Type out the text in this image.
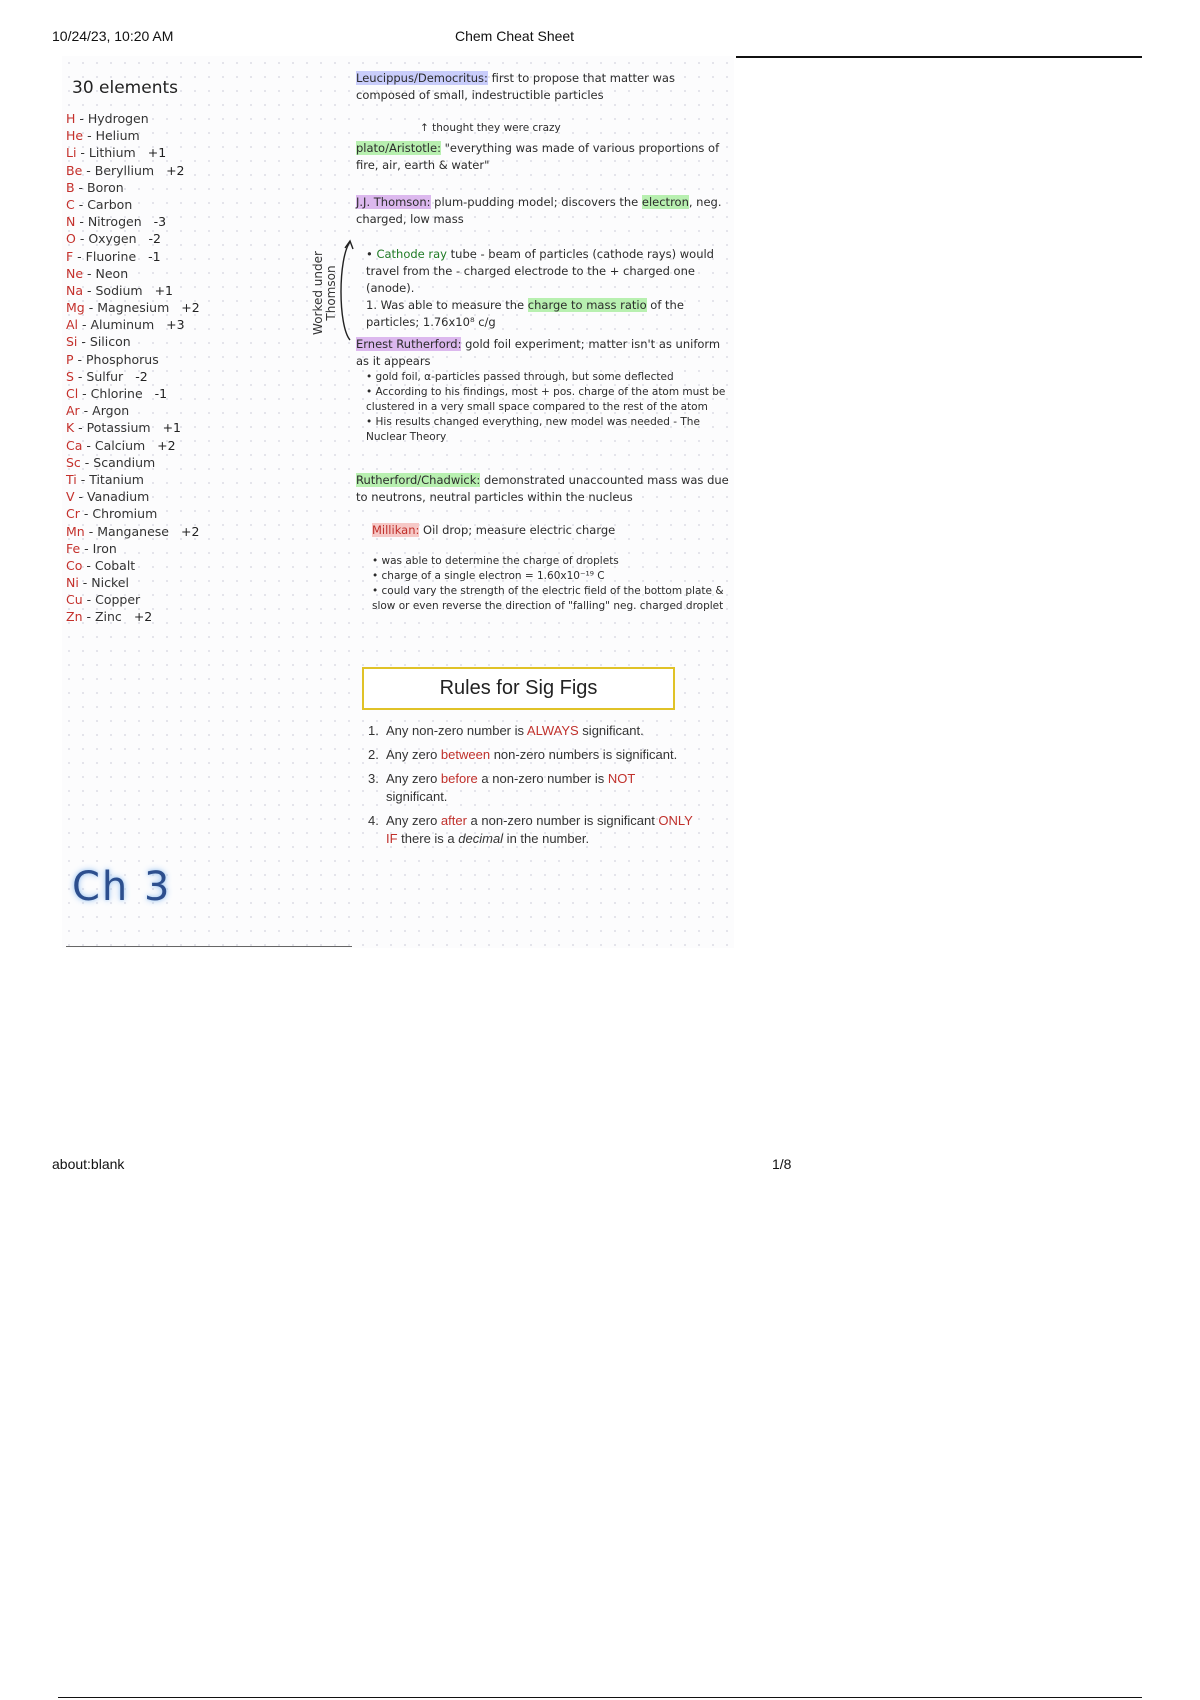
10/24/23, 10:20 AM	Chem Cheat Sheet
30 elements
H - Hydrogen
He - Helium
Li - Lithium +1
Be - Beryllium +2
B - Boron
C - Carbon
N - Nitrogen -3
O - Oxygen -2
F - Fluorine -1
Ne - Neon
Na - Sodium +1
Mg - Magnesium +2
Al - Aluminum +3
Si - Silicon
P - Phosphorus
S - Sulfur -2
Cl - Chlorine -1
Ar - Argon
K - Potassium +1
Ca - Calcium +2
Sc - Scandium
Ti - Titanium
V - Vanadium
Cr - Chromium
Mn - Manganese +2
Fe - Iron
Co - Cobalt
Ni - Nickel
Cu - Copper
Zn - Zinc +2
Ch 3
Worked under Thomson
Leucippus/Democritus: first to propose that matter was composed of small, indestructible particles
↑ thought they were crazy
plato/Aristotle: "everything was made of various proportions of fire, air, earth & water"
J.J. Thomson: plum-pudding model; discovers the electron, neg. charged, low mass
• Cathode ray tube - beam of particles (cathode rays) would travel from the - charged electrode to the + charged one (anode).
1. Was able to measure the charge to mass ratio of the particles; 1.76x10⁸ c/g
Ernest Rutherford: gold foil experiment; matter isn't as uniform as it appears
• gold foil, α-particles passed through, but some deflected
• According to his findings, most + pos. charge of the atom must be clustered in a very small space compared to the rest of the atom
• His results changed everything, new model was needed - The Nuclear Theory
Rutherford/Chadwick: demonstrated unaccounted mass was due to neutrons, neutral particles within the nucleus
Millikan: Oil drop; measure electric charge
• was able to determine the charge of droplets
• charge of a single electron = 1.60x10⁻¹⁹ C
• could vary the strength of the electric field of the bottom plate & slow or even reverse the direction of "falling" neg. charged droplet
Rules for Sig Figs
1. Any non-zero number is ALWAYS significant.
2. Any zero between non-zero numbers is significant.
3. Any zero before a non-zero number is NOT significant.
4. Any zero after a non-zero number is significant ONLY IF there is a decimal in the number.
about:blank	1/8
